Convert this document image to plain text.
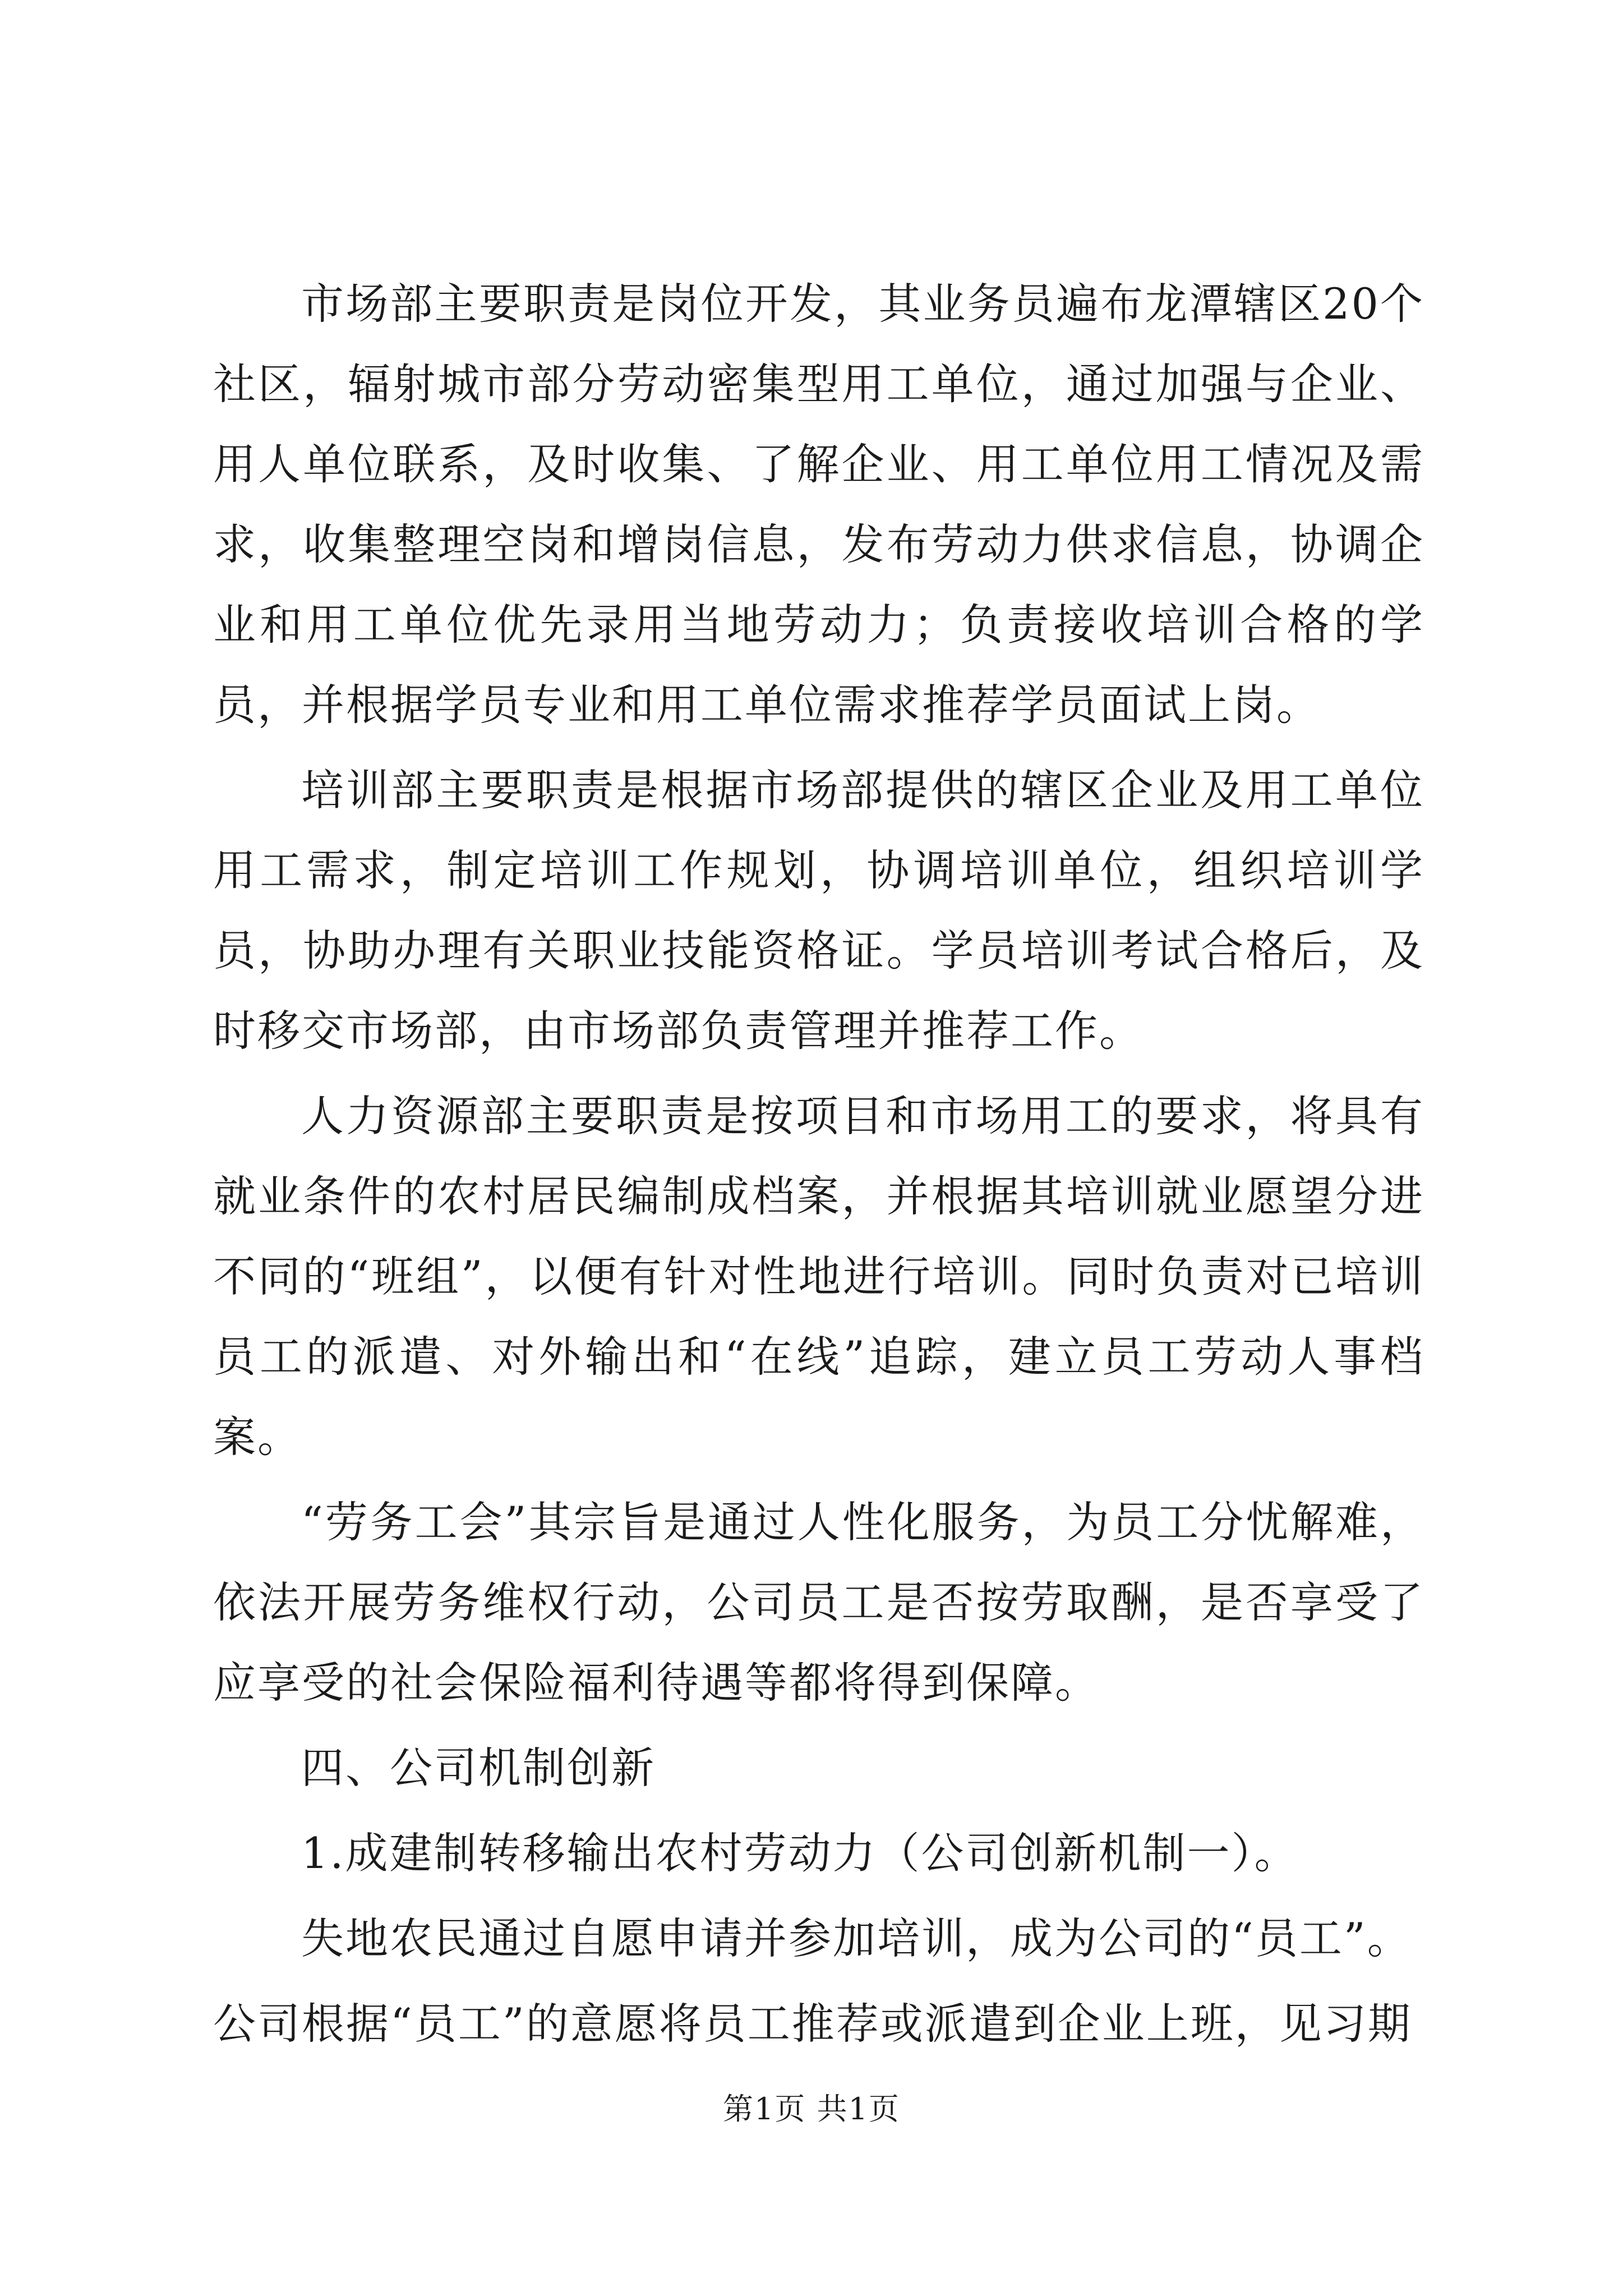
市场部主要职责是岗位开发，其业务员遍布龙潭辖区20个社区，辐射城市部分劳动密集型用工单位，通过加强与企业、用人单位联系，及时收集、了解企业、用工单位用工情况及需求，收集整理空岗和增岗信息，发布劳动力供求信息，协调企业和用工单位优先录用当地劳动力；负责接收培训合格的学员，并根据学员专业和用工单位需求推荐学员面试上岗。

培训部主要职责是根据市场部提供的辖区企业及用工单位用工需求，制定培训工作规划，协调培训单位，组织培训学员，协助办理有关职业技能资格证。学员培训考试合格后，及时移交市场部，由市场部负责管理并推荐工作。

人力资源部主要职责是按项目和市场用工的要求，将具有就业条件的农村居民编制成档案，并根据其培训就业愿望分进不同的“班组”，以便有针对性地进行培训。同时负责对已培训员工的派遣、对外输出和“在线”追踪，建立员工劳动人事档案。

“劳务工会”其宗旨是通过人性化服务，为员工分忧解难，依法开展劳务维权行动，公司员工是否按劳取酬，是否享受了应享受的社会保险福利待遇等都将得到保障。

四、公司机制创新

1.成建制转移输出农村劳动力（公司创新机制一）。

失地农民通过自愿申请并参加培训，成为公司的“员工”。

公司根据“员工”的意愿将员工推荐或派遣到企业上班，见习期

第1页 共1页
